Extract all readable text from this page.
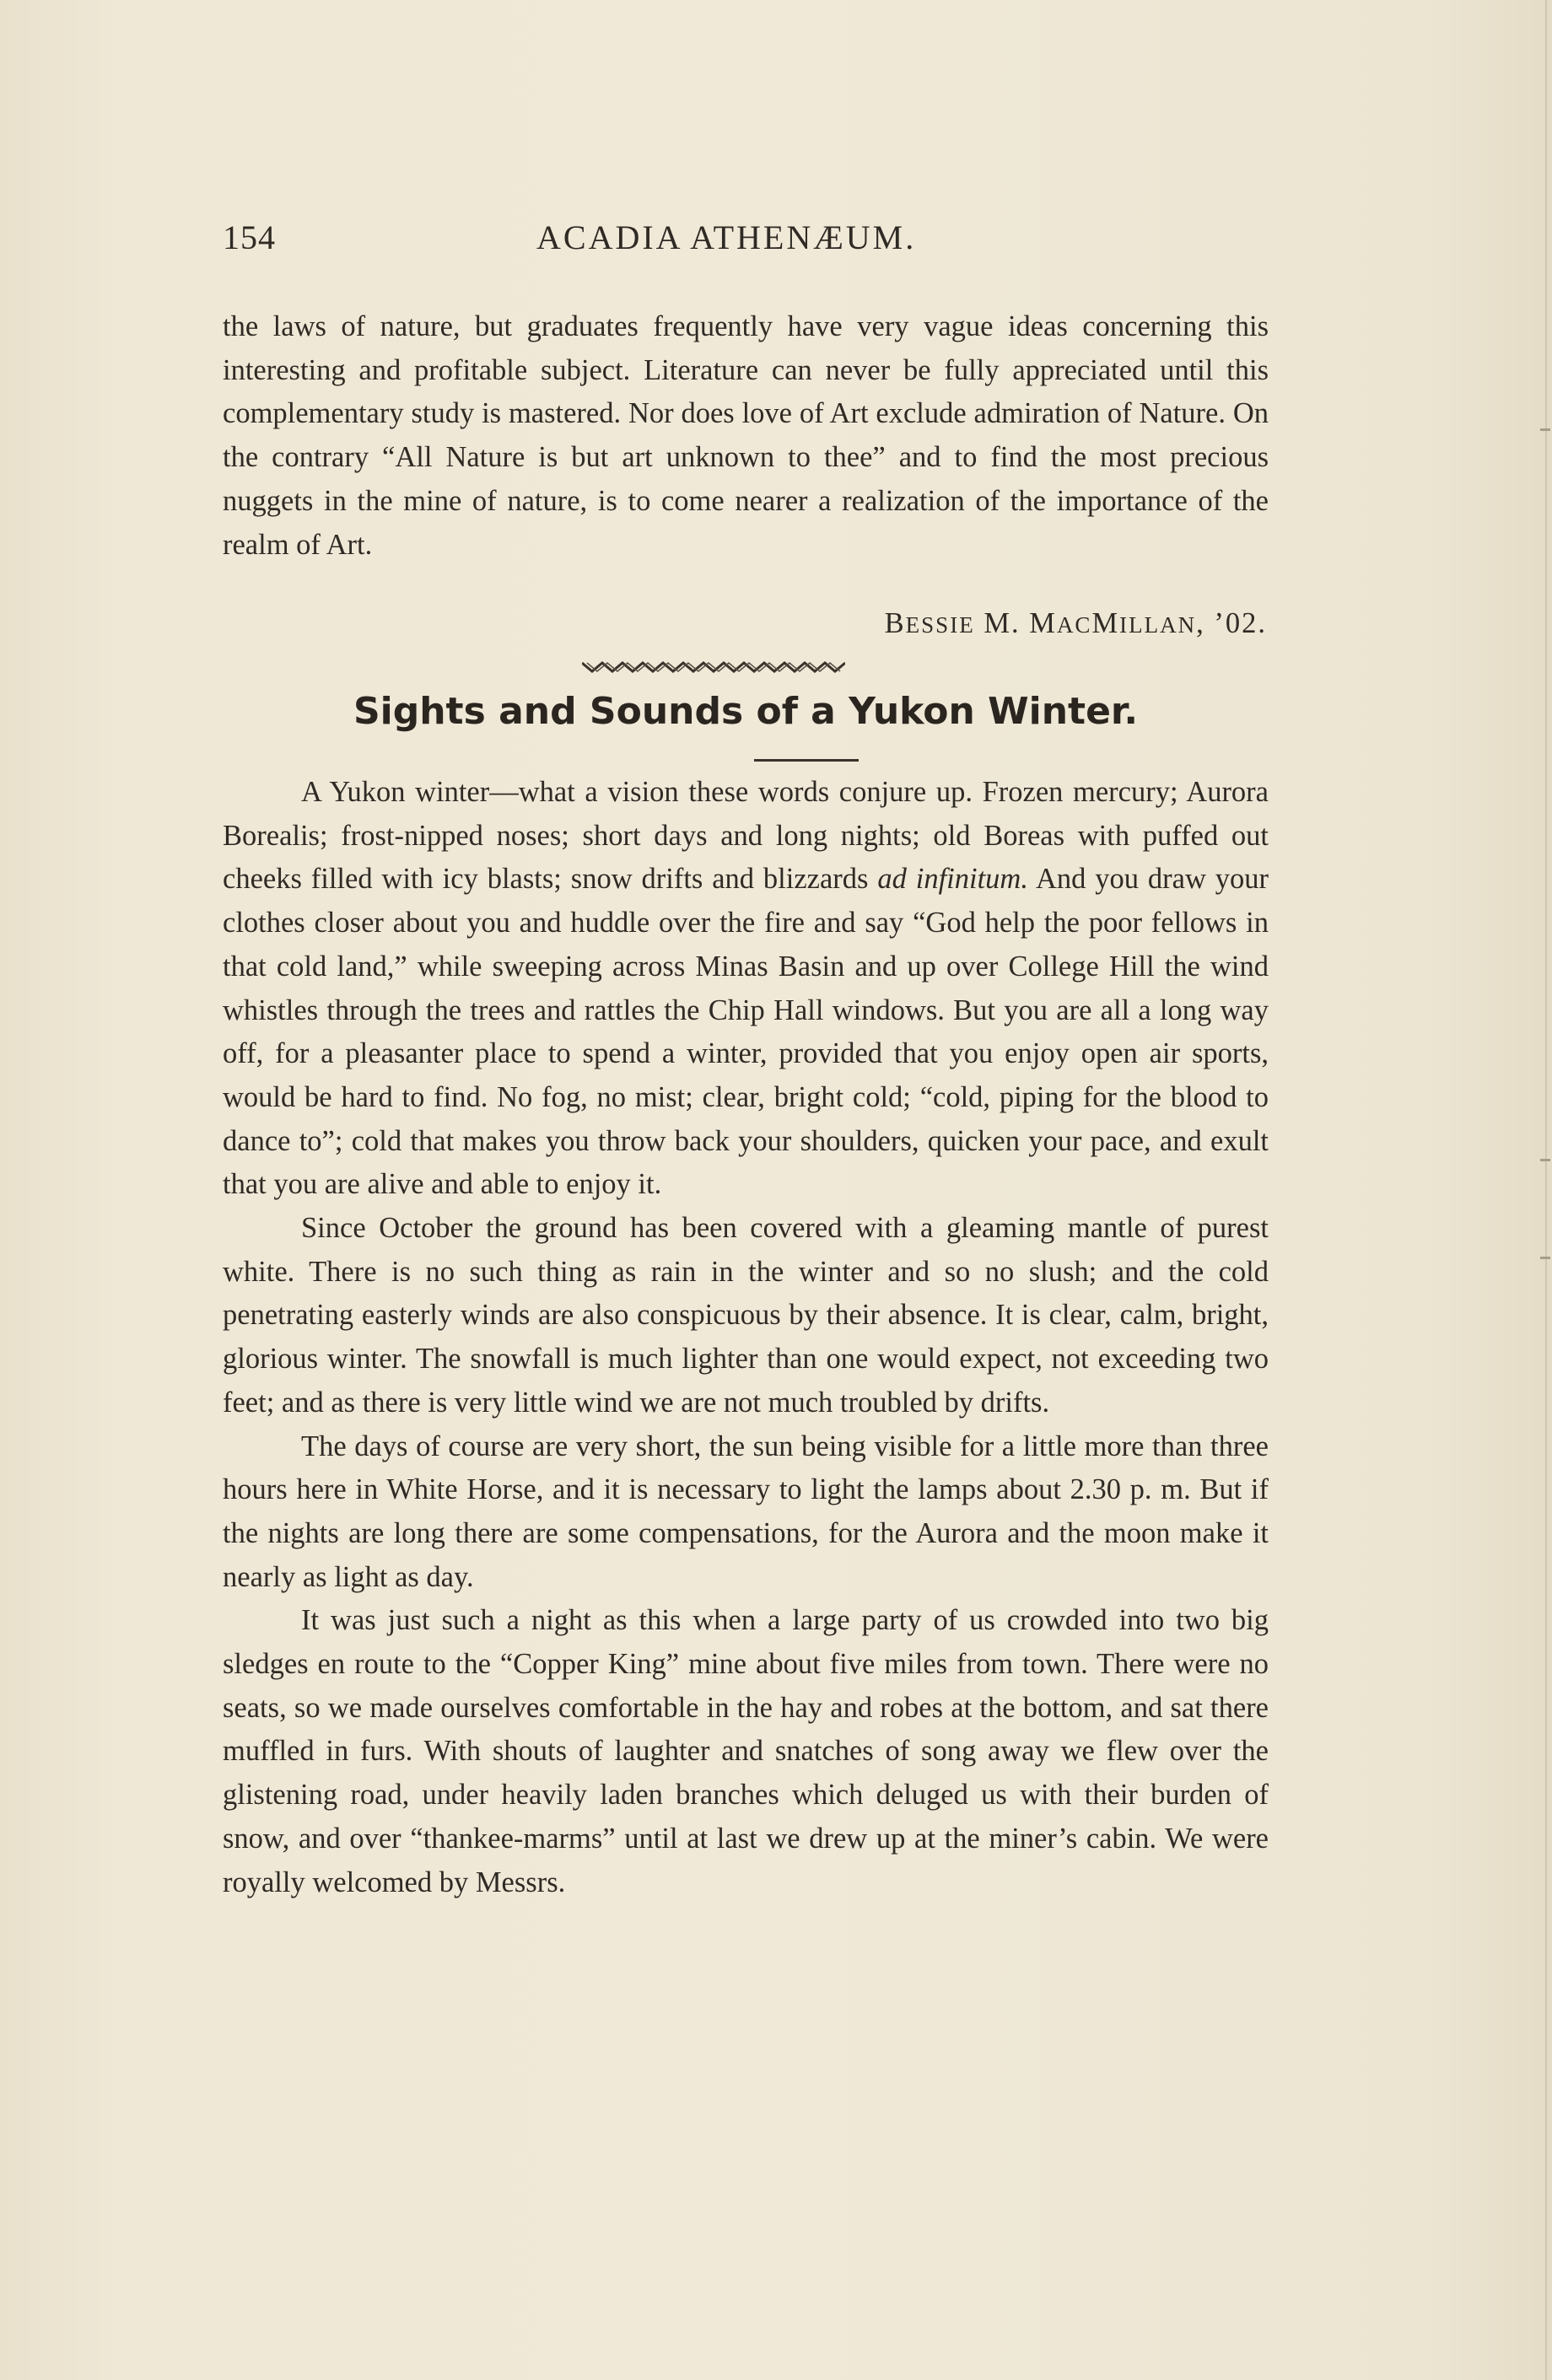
154	ACADIA ATHENÆUM.

the laws of nature, but graduates frequently have very vague ideas concerning this interesting and profitable subject. Literature can never be fully appreciated until this complementary study is mastered. Nor does love of Art exclude admiration of Nature. On the contrary “All Nature is but art unknown to thee” and to find the most precious nuggets in the mine of nature, is to come nearer a realization of the importance of the realm of Art.

BESSIE M. MACMILLAN, ’02.
Sights and Sounds of a Yukon Winter.

A Yukon winter—what a vision these words conjure up. Frozen mercury; Aurora Borealis; frost-nipped noses; short days and long nights; old Boreas with puffed out cheeks filled with icy blasts; snow drifts and blizzards ad infinitum. And you draw your clothes closer about you and huddle over the fire and say “God help the poor fellows in that cold land,” while sweeping across Minas Basin and up over College Hill the wind whistles through the trees and rattles the Chip Hall windows. But you are all a long way off, for a pleasanter place to spend a winter, provided that you enjoy open air sports, would be hard to find. No fog, no mist; clear, bright cold; “cold, piping for the blood to dance to”; cold that makes you throw back your shoulders, quicken your pace, and exult that you are alive and able to enjoy it.

Since October the ground has been covered with a gleaming mantle of purest white. There is no such thing as rain in the winter and so no slush; and the cold penetrating easterly winds are also conspicuous by their absence. It is clear, calm, bright, glorious winter. The snowfall is much lighter than one would expect, not exceeding two feet; and as there is very little wind we are not much troubled by drifts.

The days of course are very short, the sun being visible for a little more than three hours here in White Horse, and it is necessary to light the lamps about 2.30 p. m. But if the nights are long there are some compensations, for the Aurora and the moon make it nearly as light as day.

It was just such a night as this when a large party of us crowded into two big sledges en route to the “Copper King” mine about five miles from town. There were no seats, so we made ourselves comfortable in the hay and robes at the bottom, and sat there muffled in furs. With shouts of laughter and snatches of song away we flew over the glistening road, under heavily laden branches which deluged us with their burden of snow, and over “thankee-marms” until at last we drew up at the miner’s cabin. We were royally welcomed by Messrs.
